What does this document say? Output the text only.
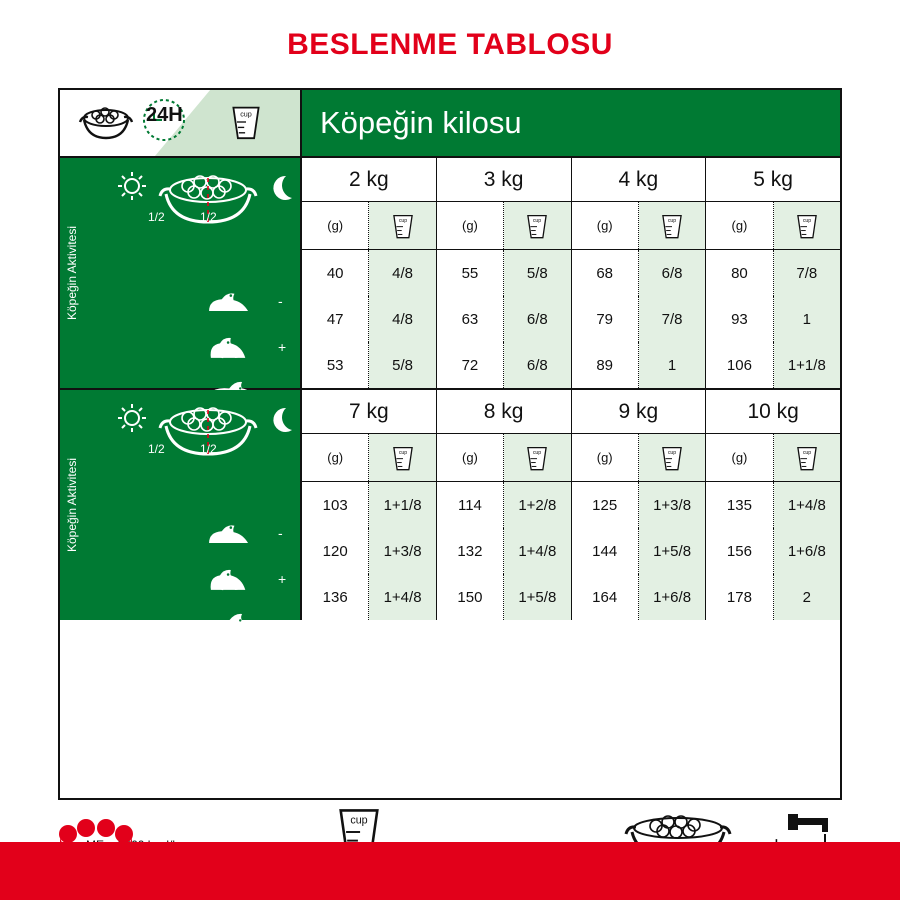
BESLENME TABLOSU
24H	cup	Köpeğin kilosu
Köpeğin Aktivitesi
1/2	1/2
-
+
2 kg	3 kg	4 kg	5 kg
(g)	cup	(g)	cup	(g)	cup	(g)	cup
40	4/8	55	5/8	68	6/8	80	7/8
47	4/8	63	6/8	79	7/8	93	1
53	5/8	72	6/8	89	1	106	1+1/8
Köpeğin Aktivitesi
1/2	1/2
-
+
++
7 kg	8 kg	9 kg	10 kg
(g)	cup	(g)	cup	(g)	cup	(g)	cup
103	1+1/8	114	1+2/8	125	1+3/8	135	1+4/8
120	1+3/8	132	1+4/8	144	1+5/8	156	1+6/8
136	1+4/8	150	1+5/8	164	1+6/8	178	2
cup
